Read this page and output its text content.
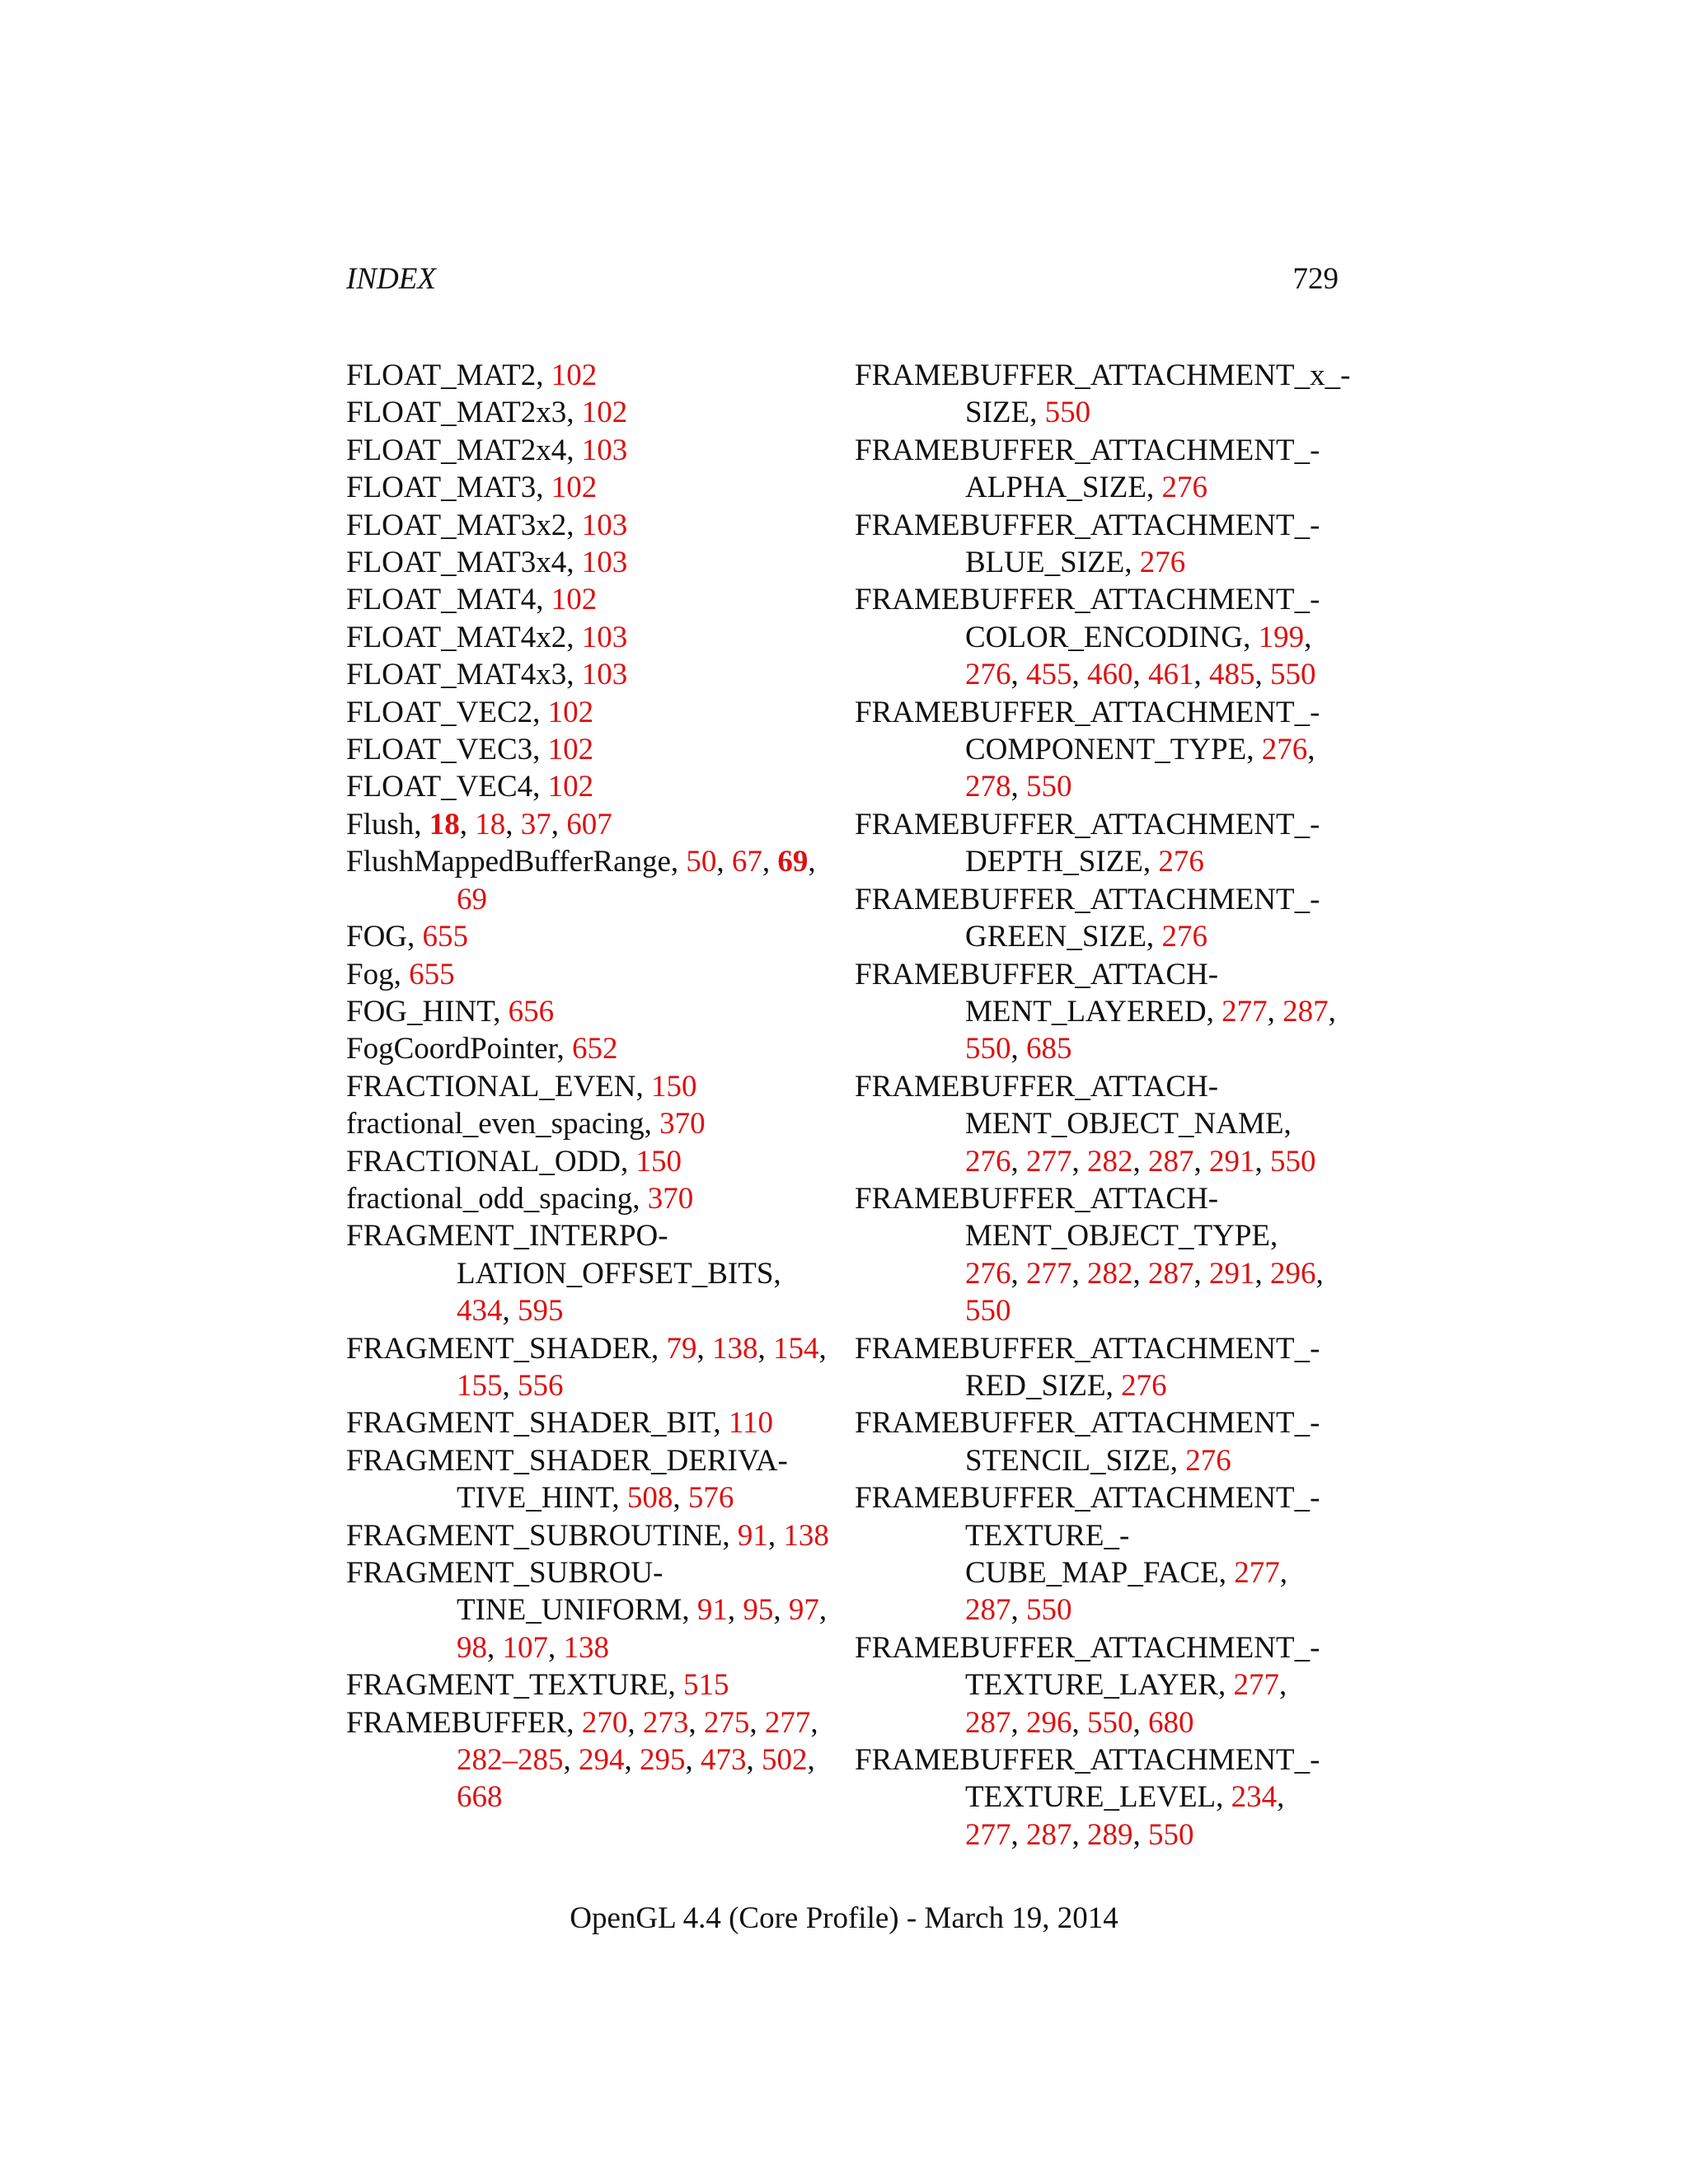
INDEX	729

FLOAT_MAT2, 102

FLOAT_MAT2x3, 102

FLOAT_MAT2x4, 103

FLOAT_MAT3, 102

FLOAT_MAT3x2, 103

FLOAT_MAT3x4, 103

FLOAT_MAT4, 102

FLOAT_MAT4x2, 103

FLOAT_MAT4x3, 103

FLOAT_VEC2, 102

FLOAT_VEC3, 102

FLOAT_VEC4, 102

Flush, 18, 18, 37, 607

FlushMappedBufferRange, 50, 67, 69, 69

FOG, 655

Fog, 655

FOG_HINT, 656

FogCoordPointer, 652

FRACTIONAL_EVEN, 150

fractional_even_spacing, 370

FRACTIONAL_ODD, 150

fractional_odd_spacing, 370

FRAGMENT_INTERPO- LATION_OFFSET_BITS, 434, 595

FRAGMENT_SHADER, 79, 138, 154, 155, 556

FRAGMENT_SHADER_BIT, 110

FRAGMENT_SHADER_DERIVA- TIVE_HINT, 508, 576

FRAGMENT_SUBROUTINE, 91, 138

FRAGMENT_SUBROU- TINE_UNIFORM, 91, 95, 97, 98, 107, 138

FRAGMENT_TEXTURE, 515

FRAMEBUFFER, 270, 273, 275, 277, 282–285, 294, 295, 473, 502, 668

FRAMEBUFFER_ATTACHMENT_x_- SIZE, 550

FRAMEBUFFER_ATTACHMENT_- ALPHA_SIZE, 276

FRAMEBUFFER_ATTACHMENT_- BLUE_SIZE, 276

FRAMEBUFFER_ATTACHMENT_- COLOR_ENCODING, 199, 276, 455, 460, 461, 485, 550

FRAMEBUFFER_ATTACHMENT_- COMPONENT_TYPE, 276, 278, 550

FRAMEBUFFER_ATTACHMENT_- DEPTH_SIZE, 276

FRAMEBUFFER_ATTACHMENT_- GREEN_SIZE, 276

FRAMEBUFFER_ATTACH- MENT_LAYERED, 277, 287, 550, 685

FRAMEBUFFER_ATTACH- MENT_OBJECT_NAME, 276, 277, 282, 287, 291, 550

FRAMEBUFFER_ATTACH- MENT_OBJECT_TYPE, 276, 277, 282, 287, 291, 296, 550

FRAMEBUFFER_ATTACHMENT_- RED_SIZE, 276

FRAMEBUFFER_ATTACHMENT_- STENCIL_SIZE, 276

FRAMEBUFFER_ATTACHMENT_- TEXTURE_- CUBE_MAP_FACE, 277, 287, 550

FRAMEBUFFER_ATTACHMENT_- TEXTURE_LAYER, 277, 287, 296, 550, 680

FRAMEBUFFER_ATTACHMENT_- TEXTURE_LEVEL, 234, 277, 287, 289, 550

OpenGL 4.4 (Core Profile) - March 19, 2014
